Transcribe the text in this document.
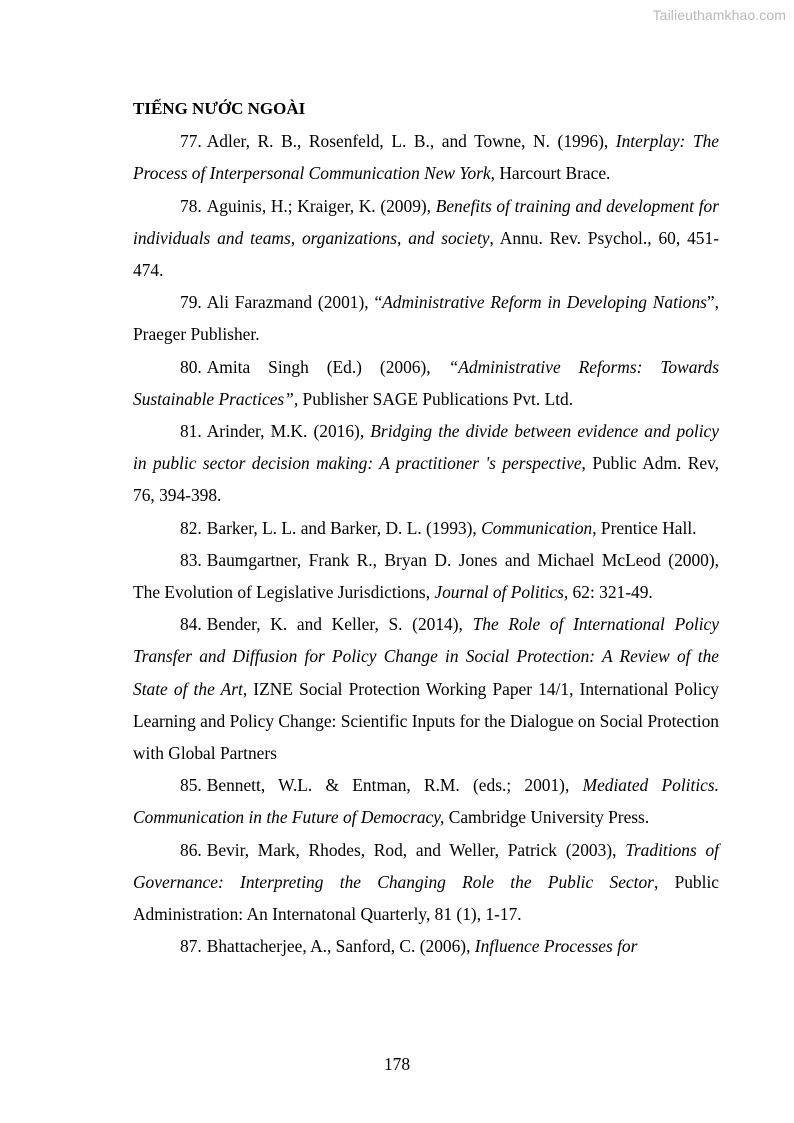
Tailieuthamkhao.com

TIẾNG NƯỚC NGOÀI

77. Adler, R. B., Rosenfeld, L. B., and Towne, N. (1996), Interplay: The Process of Interpersonal Communication New York, Harcourt Brace.

78. Aguinis, H.; Kraiger, K. (2009), Benefits of training and development for individuals and teams, organizations, and society, Annu. Rev. Psychol., 60, 451-474.

79. Ali Farazmand (2001), “Administrative Reform in Developing Nations”, Praeger Publisher.

80. Amita Singh (Ed.) (2006), “Administrative Reforms: Towards Sustainable Practices”, Publisher SAGE Publications Pvt. Ltd.

81. Arinder, M.K. (2016), Bridging the divide between evidence and policy in public sector decision making: A practitioner 's perspective, Public Adm. Rev, 76, 394-398.

82. Barker, L. L. and Barker, D. L. (1993), Communication, Prentice Hall.

83. Baumgartner, Frank R., Bryan D. Jones and Michael McLeod (2000), The Evolution of Legislative Jurisdictions, Journal of Politics, 62: 321-49.

84. Bender, K. and Keller, S. (2014), The Role of International Policy Transfer and Diffusion for Policy Change in Social Protection: A Review of the State of the Art, IZNE Social Protection Working Paper 14/1, International Policy Learning and Policy Change: Scientific Inputs for the Dialogue on Social Protection with Global Partners

85. Bennett, W.L. & Entman, R.M. (eds.; 2001), Mediated Politics. Communication in the Future of Democracy, Cambridge University Press.

86. Bevir, Mark, Rhodes, Rod, and Weller, Patrick (2003), Traditions of Governance: Interpreting the Changing Role the Public Sector, Public Administration: An Internatonal Quarterly, 81 (1), 1-17.

87. Bhattacherjee, A., Sanford, C. (2006), Influence Processes for

178
